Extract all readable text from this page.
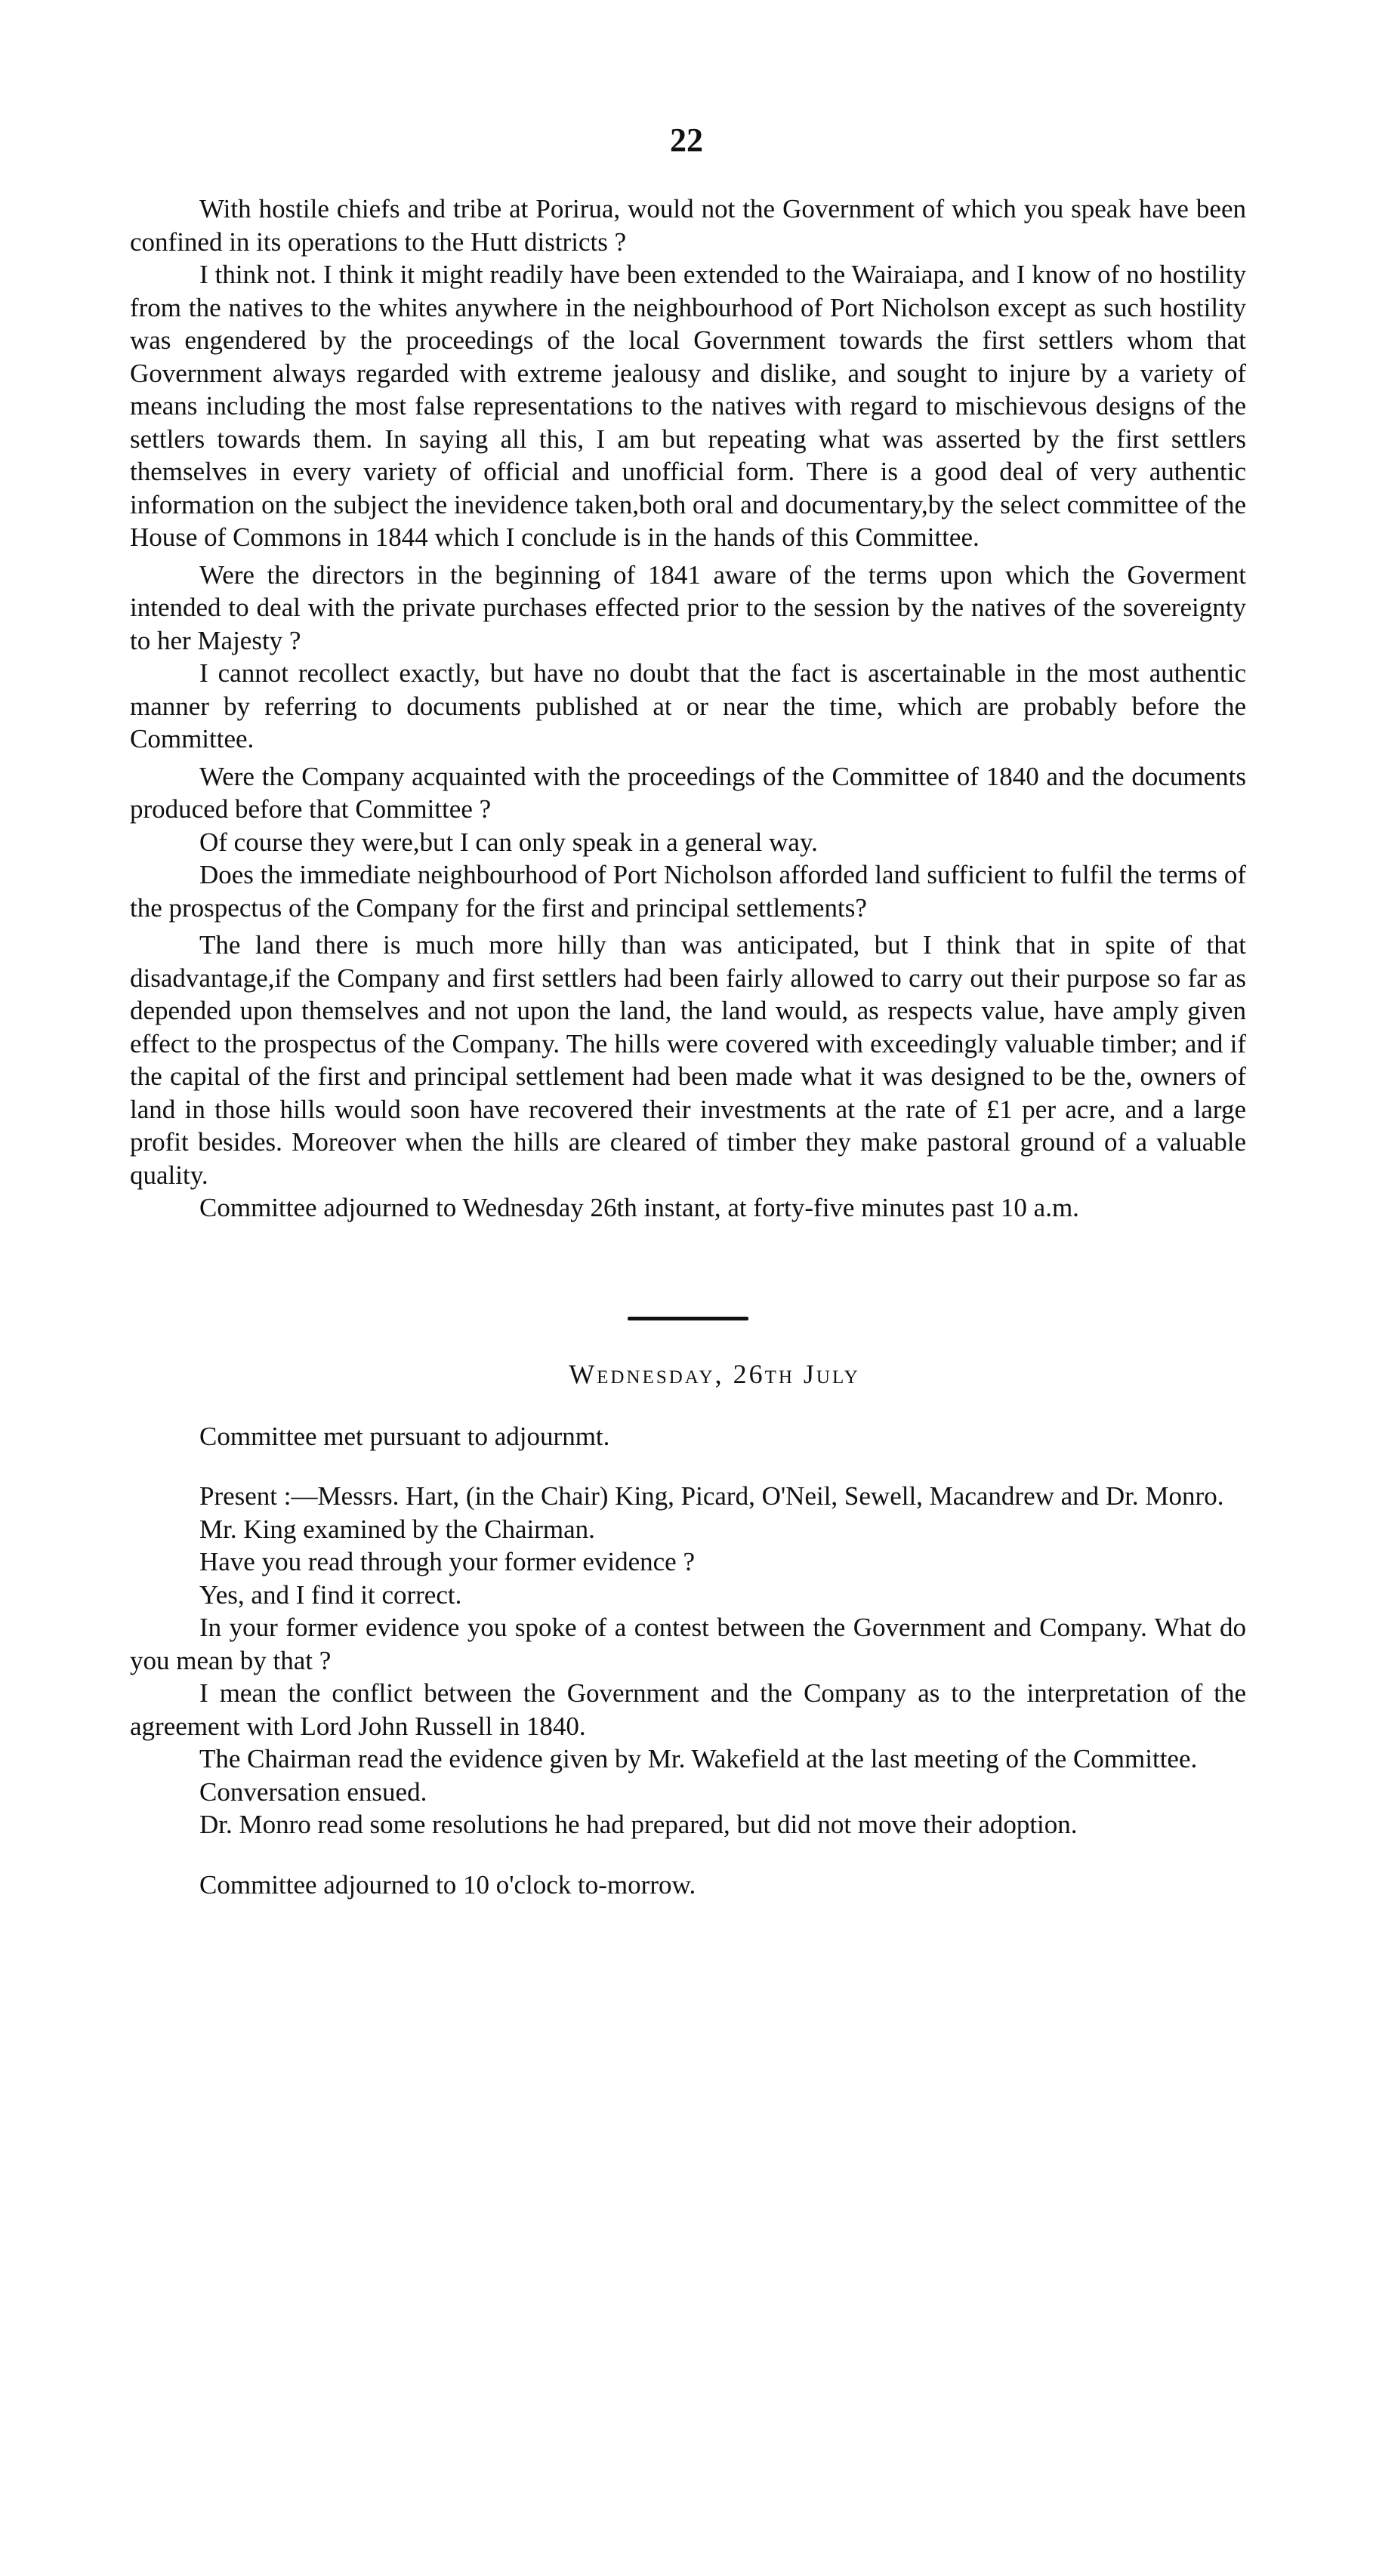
22

With hostile chiefs and tribe at Porirua, would not the Government of which you speak have been confined in its operations to the Hutt districts ?

I think not. I think it might readily have been extended to the Wairaiapa, and I know of no hostility from the natives to the whites anywhere in the neighbourhood of Port Nicholson except as such hostility was engendered by the proceedings of the local Government towards the first settlers whom that Government always regarded with extreme jealousy and dislike, and sought to injure by a variety of means including the most false representations to the natives with regard to mischievous designs of the settlers towards them. In saying all this, I am but repeating what was asserted by the first settlers themselves in every variety of official and unofficial form. There is a good deal of very authentic information on the subject the inevidence taken,both oral and documentary,by the select committee of the House of Commons in 1844 which I conclude is in the hands of this Committee.

Were the directors in the beginning of 1841 aware of the terms upon which the Goverment intended to deal with the private purchases effected prior to the session by the natives of the sovereignty to her Majesty ?

I cannot recollect exactly, but have no doubt that the fact is ascertainable in the most authentic manner by referring to documents published at or near the time, which are probably before the Committee.

Were the Company acquainted with the proceedings of the Committee of 1840 and the documents produced before that Committee ?

Of course they were,but I can only speak in a general way.

Does the immediate neighbourhood of Port Nicholson afforded land sufficient to fulfil the terms of the prospectus of the Company for the first and principal settlements?

The land there is much more hilly than was anticipated, but I think that in spite of that disadvantage,if the Company and first settlers had been fairly allowed to carry out their purpose so far as depended upon themselves and not upon the land, the land would, as respects value, have amply given effect to the prospectus of the Company. The hills were covered with exceedingly valuable timber; and if the capital of the first and principal settlement had been made what it was designed to be the, owners of land in those hills would soon have recovered their investments at the rate of £1 per acre, and a large profit besides. Moreover when the hills are cleared of timber they make pastoral ground of a valuable quality.

Committee adjourned to Wednesday 26th instant, at forty-five minutes past 10 a.m.

Wednesday, 26th July

Committee met pursuant to adjournmt.

Present :—Messrs. Hart, (in the Chair) King, Picard, O'Neil, Sewell, Macandrew and Dr. Monro.

Mr. King examined by the Chairman.

Have you read through your former evidence ?

Yes, and I find it correct.

In your former evidence you spoke of a contest between the Government and Company. What do you mean by that ?

I mean the conflict between the Government and the Company as to the interpretation of the agreement with Lord John Russell in 1840.

The Chairman read the evidence given by Mr. Wakefield at the last meeting of the Committee.

Conversation ensued.

Dr. Monro read some resolutions he had prepared, but did not move their adoption.

Committee adjourned to 10 o'clock to-morrow.
